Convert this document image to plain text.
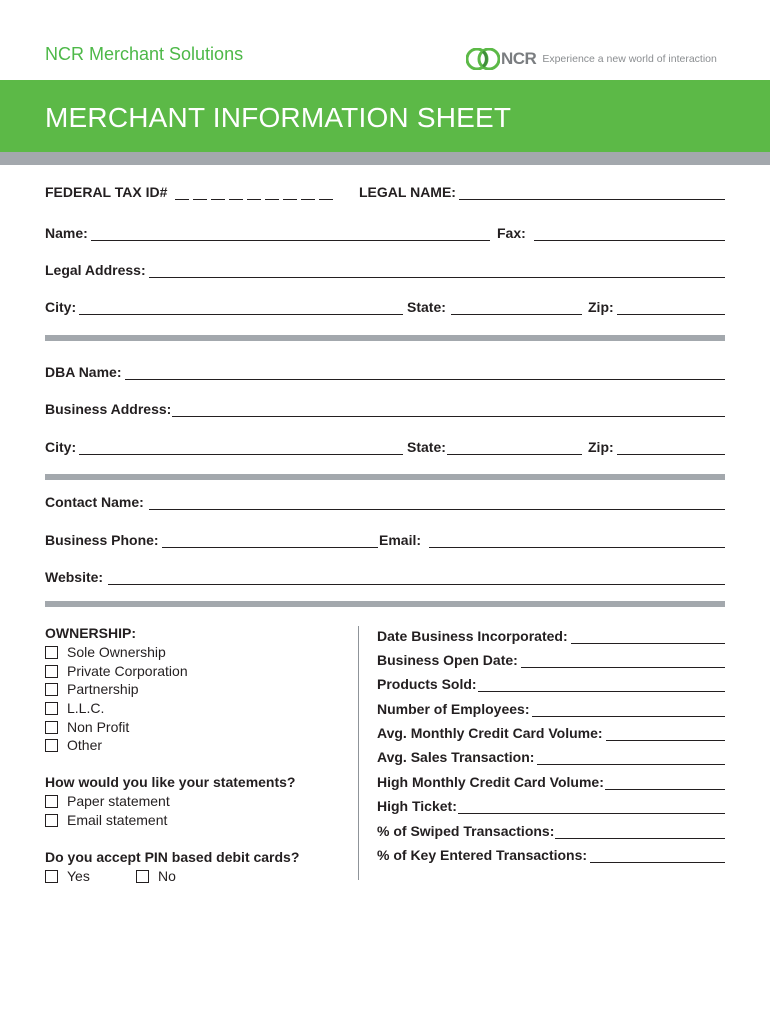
NCR Merchant Solutions	NCR Experience a new world of interaction
MERCHANT INFORMATION SHEET
FEDERAL TAX ID#	LEGAL NAME:
Name:	Fax:
Legal Address:
City:	State:	Zip:
DBA Name:
Business Address:
City:	State:	Zip:
Contact Name:
Business Phone:	Email:
Website:
OWNERSHIP:
Sole Ownership
Private Corporation
Partnership
L.L.C.
Non Profit
Other
How would you like your statements?
Paper statement
Email statement
Do you accept PIN based debit cards?
Yes	No
Date Business Incorporated:
Business Open Date:
Products Sold:
Number of Employees:
Avg. Monthly Credit Card Volume:
Avg. Sales Transaction:
High Monthly Credit Card Volume:
High Ticket:
% of Swiped Transactions:
% of Key Entered Transactions:
